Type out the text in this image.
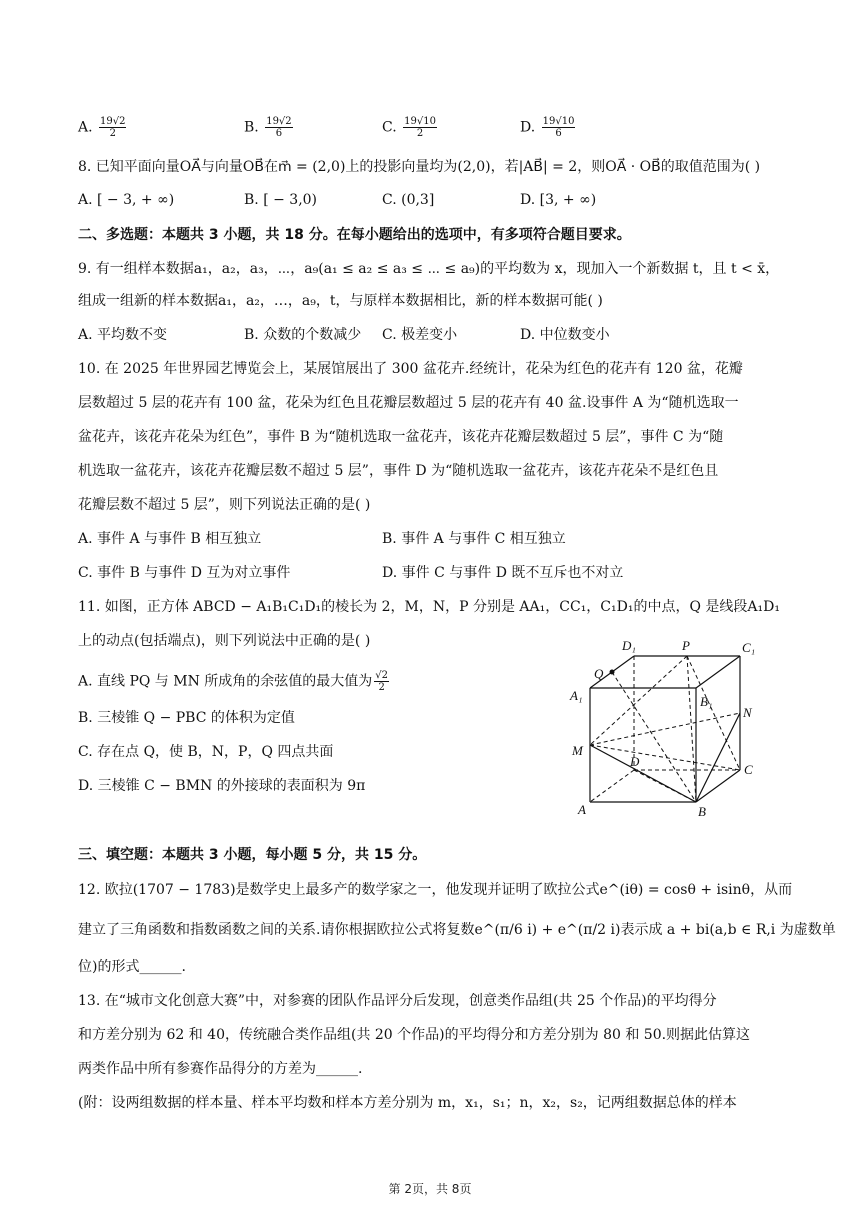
A. $\frac{19√2}{2}$	B. $\frac{19√2}{6}$	C. $\frac{19√10}{2}$	D. $\frac{19√10}{6}$
8. 已知平面向量OA⃗与向量OB⃗在m⃗ = (2,0)上的投影向量均为(2,0)，若|AB⃗| = 2，则OA⃗ · OB⃗的取值范围为( )
A. [ − 3, + ∞)	B. [ − 3,0)	C. (0,3]	D. [3, + ∞)
二、多选题：本题共 3 小题，共 18 分。在每小题给出的选项中，有多项符合题目要求。
9. 有一组样本数据a₁，a₂，a₃，⋯，a₉(a₁ ≤ a₂ ≤ a₃ ≤ ⋯ ≤ a₉)的平均数为 x，现加入一个新数据 t，且 t < x̄，
组成一组新的样本数据a₁，a₂，…，a₉，t，与原样本数据相比，新的样本数据可能( )
A. 平均数不变	B. 众数的个数减少 C. 极差变小	D. 中位数变小
10. 在 2025 年世界园艺博览会上，某展馆展出了 300 盆花卉.经统计，花朵为红色的花卉有 120 盆，花瓣
层数超过 5 层的花卉有 100 盆，花朵为红色且花瓣层数超过 5 层的花卉有 40 盆.设事件 A 为“随机选取一
盆花卉，该花卉花朵为红色”，事件 B 为“随机选取一盆花卉，该花卉花瓣层数超过 5 层”，事件 C 为“随
机选取一盆花卉，该花卉花瓣层数不超过 5 层”，事件 D 为“随机选取一盆花卉，该花卉花朵不是红色且
花瓣层数不超过 5 层”，则下列说法正确的是( )
A. 事件 A 与事件 B 相互独立	B. 事件 A 与事件 C 相互独立
C. 事件 B 与事件 D 互为对立事件	D. 事件 C 与事件 D 既不互斥也不对立
11. 如图，正方体 ABCD − A₁B₁C₁D₁的棱长为 2，M，N，P 分别是 AA₁，CC₁，C₁D₁的中点，Q 是线段A₁D₁
上的动点(包括端点)，则下列说法中正确的是( )
A. 直线 PQ 与 MN 所成角的余弦值的最大值为 $\frac{√2}{2}$
B. 三棱锥 Q − PBC 的体积为定值
C. 存在点 Q，使 B，N，P，Q 四点共面
D. 三棱锥 C − BMN 的外接球的表面积为 9π
D₁	P	C₁
Q
A₁	B₁
N
M
D
C
A	B
三、填空题：本题共 3 小题，每小题 5 分，共 15 分。
12. 欧拉(1707 − 1783)是数学史上最多产的数学家之一，他发现并证明了欧拉公式e^(iθ) = cosθ + isinθ，从而
建立了三角函数和指数函数之间的关系.请你根据欧拉公式将复数e^(π/6 i) + e^(π/2 i)表示成 a + bi(a,b ∈ R,i 为虚数单
位)的形式______.
13. 在“城市文化创意大赛”中，对参赛的团队作品评分后发现，创意类作品组(共 25 个作品)的平均得分
和方差分别为 62 和 40，传统融合类作品组(共 20 个作品)的平均得分和方差分别为 80 和 50.则据此估算这
两类作品中所有参赛作品得分的方差为______.
(附：设两组数据的样本量、样本平均数和样本方差分别为 m，x₁，s₁；n，x₂，s₂，记两组数据总体的样本
第 2页，共 8页
